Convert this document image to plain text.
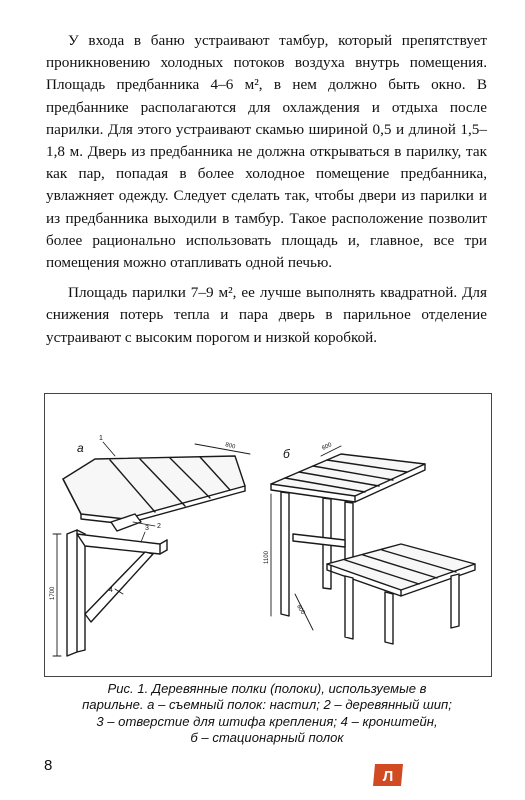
У входа в баню устраивают тамбур, который препятствует проникновению холодных потоков воздуха внутрь помещения. Площадь предбанника 4–6 м², в нем должно быть окно. В предбаннике располагаются для охлаждения и отдыха после парилки. Для этого устраивают скамью шириной 0,5 и длиной 1,5–1,8 м. Дверь из предбанника не должна открываться в парилку, так как пар, попадая в более холодное помещение предбанника, увлажняет одежду. Следует сделать так, чтобы двери из парилки и из предбанника выходили в тамбур. Такое расположение позволит более рационально использовать площадь и, главное, все три помещения можно отапливать одной печью.

Площадь парилки 7–9 м², ее лучше выполнять квадратной. Для снижения потерь тепла и пара дверь в парильное отделение устраивают с высоким порогом и низкой коробкой.

а	б
1
2
3
4
800
1700
600
800
1100
Рис. 1. Деревянные полки (полоки), используемые в
парильне. а – съемный полок: настил; 2 – деревянный шип;
3 – отверстие для штифа крепления; 4 – кронштейн,
б – стационарный полок
8
Л
